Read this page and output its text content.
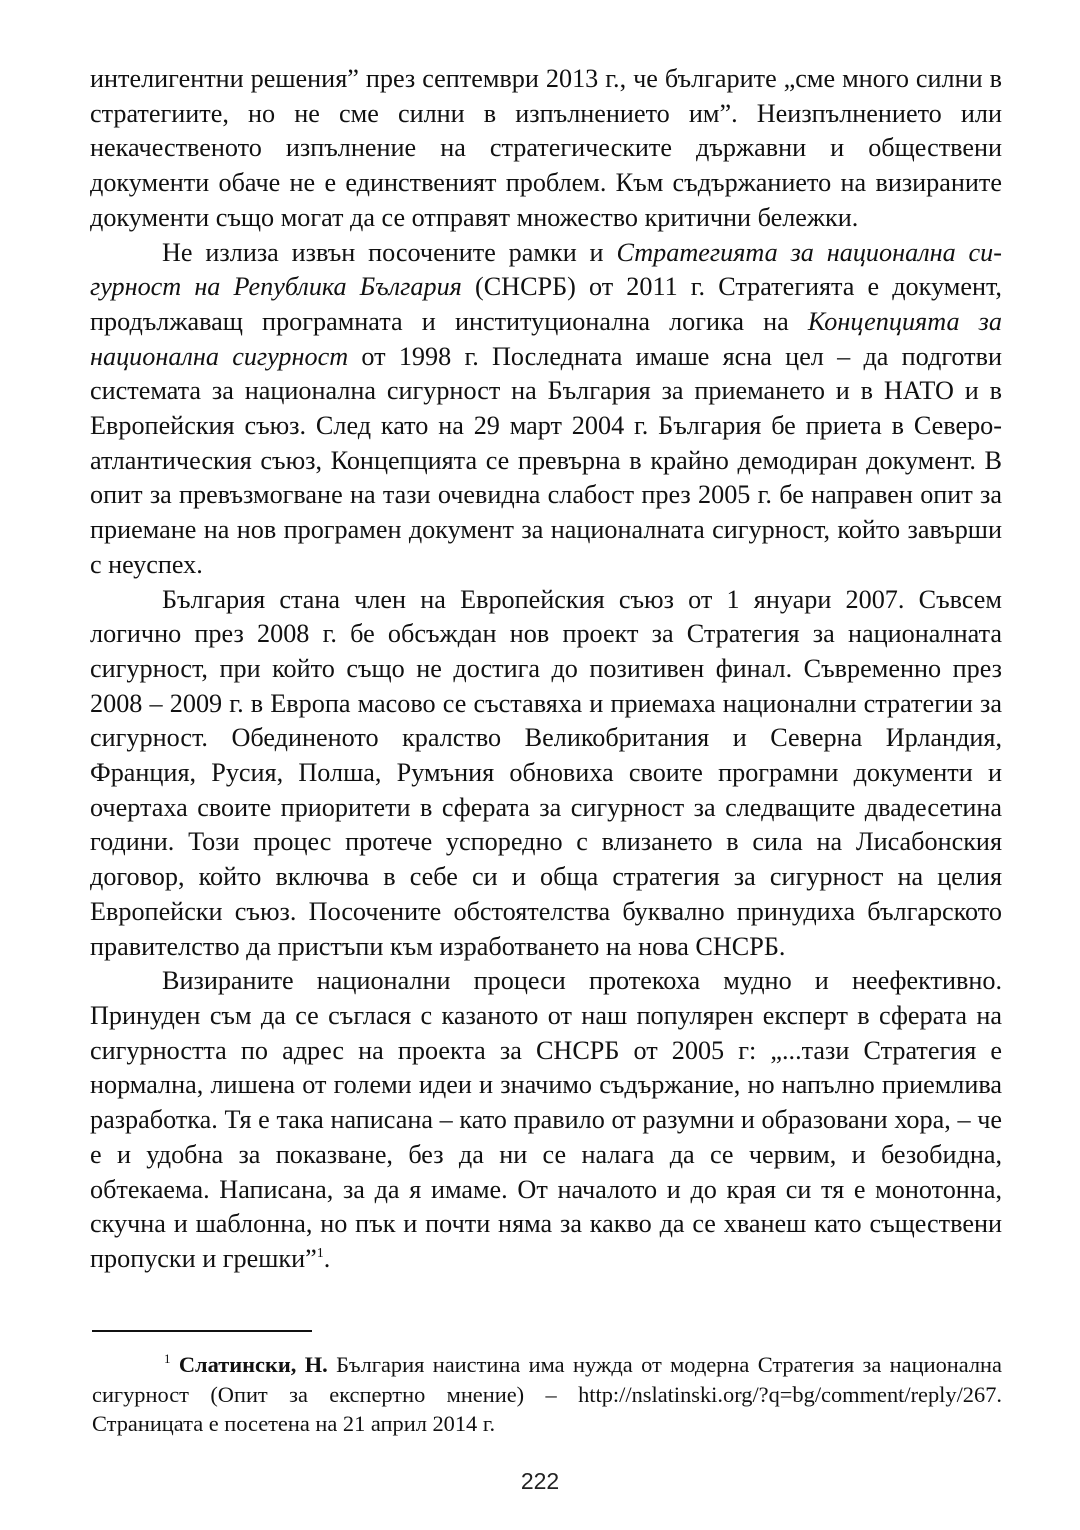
интелигентни решения” през септември 2013 г., че българите „сме много силни в стратегиите, но не сме силни в изпълнението им”. Неизпълнението или некачественото изпълнение на стратегическите държавни и обществени документи обаче не е единственият проблем. Към съдържанието на визираните документи също могат да се отправят множество критични бележки.

Не излиза извън посочените рамки и Стратегията за национална сигурност на Република България (СНСРБ) от 2011 г. Стратегията е документ, продължаващ програмната и институционална логика на Концепцията за национална сигурност от 1998 г. Последната имаше ясна цел – да подготви системата за национална сигурност на България за приемането и в НАТО и в Европейския съюз. След като на 29 март 2004 г. България бе приета в Североатлантическия съюз, Концепцията се превърна в крайно демодиран документ. В опит за превъзмогване на тази очевидна слабост през 2005 г. бе направен опит за приемане на нов програмен документ за националната сигурност, който завърши с неуспех.

България стана член на Европейския съюз от 1 януари 2007. Съвсем логично през 2008 г. бе обсъждан нов проект за Стратегия за националната сигурност, при който също не достига до позитивен финал. Съвременно през 2008 – 2009 г. в Европа масово се съставяха и приемаха национални стратегии за сигурност. Обединеното кралство Великобритания и Северна Ирландия, Франция, Русия, Полша, Румъния обновиха своите програмни документи и очертаха своите приоритети в сферата за сигурност за следващите двадесетина години. Този процес протече успоредно с влизането в сила на Лисабонския договор, който включва в себе си и обща стратегия за сигурност на целия Европейски съюз. Посочените обстоятелства буквално принудиха българското правителство да пристъпи към изработването на нова СНСРБ.

Визираните национални процеси протекоха мудно и неефективно. Принуден съм да се съглася с казаното от наш популярен експерт в сферата на сигурността по адрес на проекта за СНСРБ от 2005 г: „...тази Стратегия е нормална, лишена от големи идеи и значимо съдържание, но напълно приемлива разработка. Тя е така написана – като правило от разумни и образовани хора, – че е и удобна за показване, без да ни се налага да се червим, и безобидна, обтекаема. Написана, за да я имаме. От началото и до края си тя е монотонна, скучна и шаблонна, но пък и почти няма за какво да се хванеш като съществени пропуски и грешки”$^1$.

$^1$ Слатински, Н. България наистина има нужда от модерна Стратегия за национална сигурност (Опит за експертно мнение) – http://nslatinski.org/?q=bg/comment/reply/267. Страницата е посетена на 21 април 2014 г.
222
